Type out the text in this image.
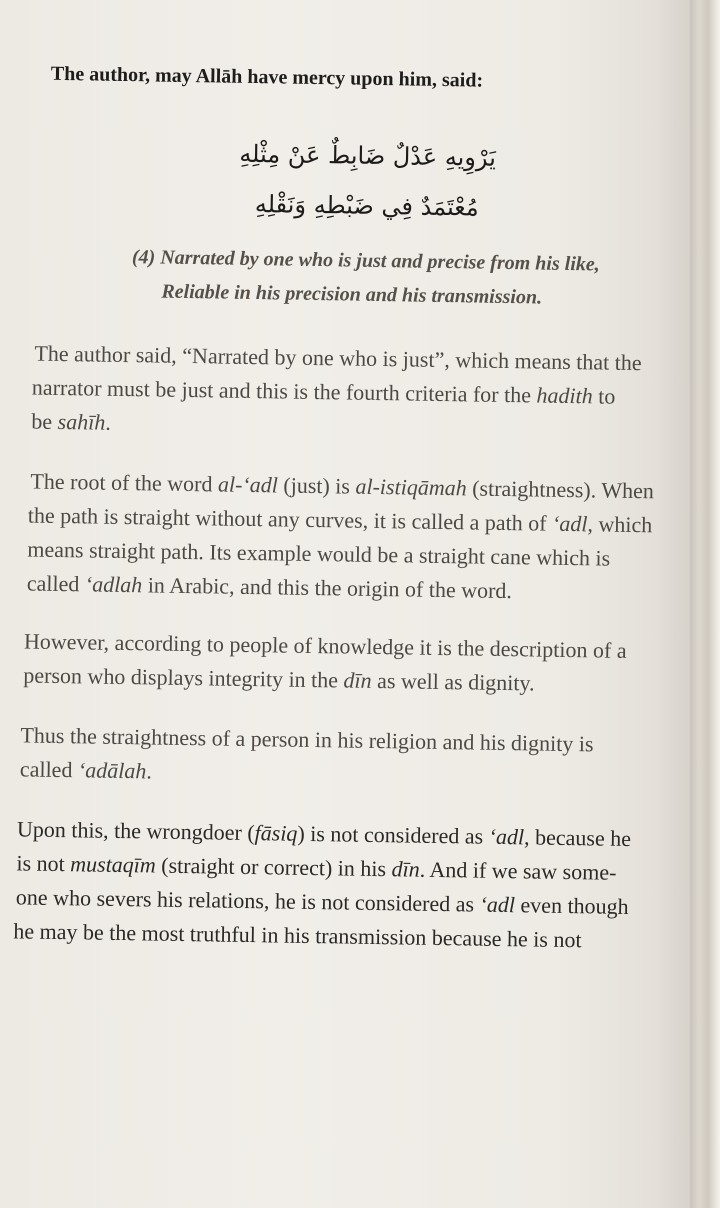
The author, may Allāh have mercy upon him, said:
يَرْوِيهِ عَدْلٌ ضَابِطٌ عَنْ مِثْلِهِ
مُعْتَمَدٌ فِي ضَبْطِهِ وَنَقْلِهِ
(4) Narrated by one who is just and precise from his like,
Reliable in his precision and his transmission.
The author said, “Narrated by one who is just”, which means that the
narrator must be just and this is the fourth criteria for the hadith to
be sahīh.
The root of the word al-‘adl (just) is al-istiqāmah (straightness). When
the path is straight without any curves, it is called a path of ‘adl, which
means straight path. Its example would be a straight cane which is
called ‘adlah in Arabic, and this the origin of the word.
However, according to people of knowledge it is the description of a
person who displays integrity in the dīn as well as dignity.
Thus the straightness of a person in his religion and his dignity is
called ‘adālah.
Upon this, the wrongdoer (fāsiq) is not considered as ‘adl, because he
is not mustaqīm (straight or correct) in his dīn. And if we saw some-
one who severs his relations, he is not considered as ‘adl even though
he may be the most truthful in his transmission because he is not
